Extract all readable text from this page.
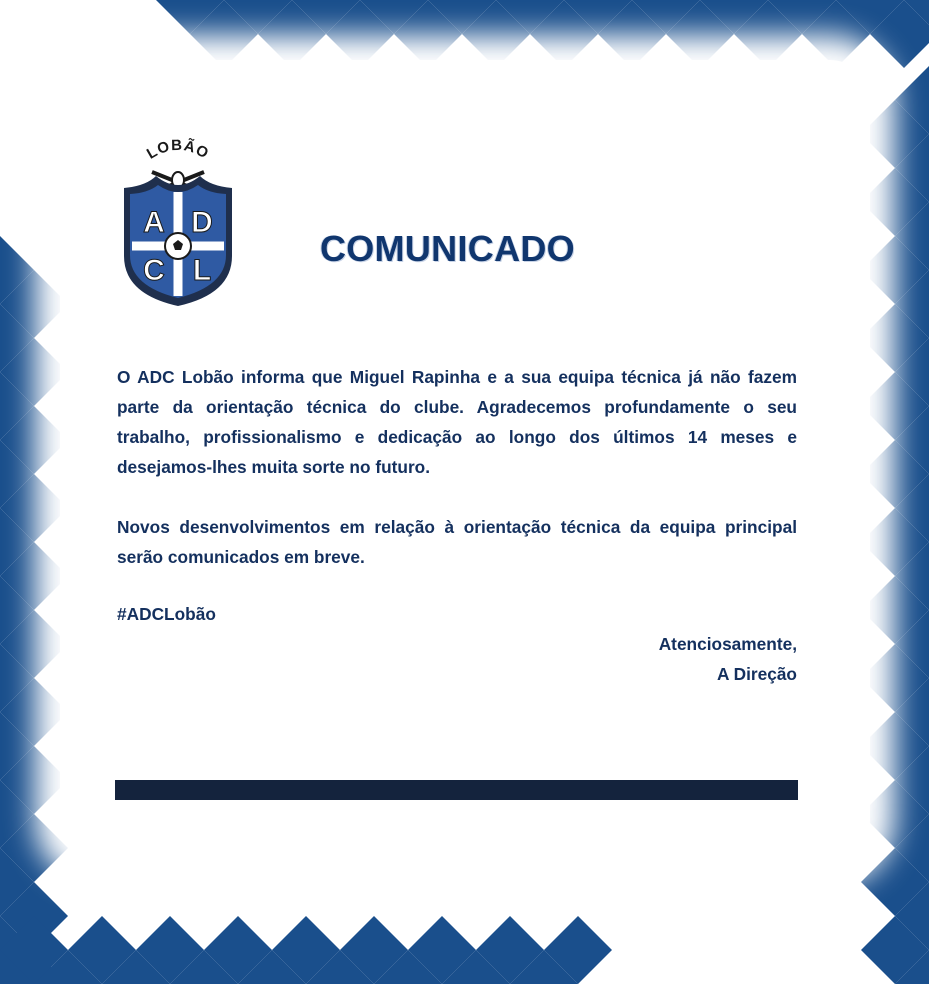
LOBÃO
A D
C L
COMUNICADO
O ADC Lobão informa que Miguel Rapinha e a sua equipa técnica já não fazem parte da orientação técnica do clube. Agradecemos profundamente o seu trabalho, profissionalismo e dedicação ao longo dos últimos 14 meses e desejamos-lhes muita sorte no futuro.
Novos desenvolvimentos em relação à orientação técnica da equipa principal serão comunicados em breve.
#ADCLobão
Atenciosamente,
A Direção
